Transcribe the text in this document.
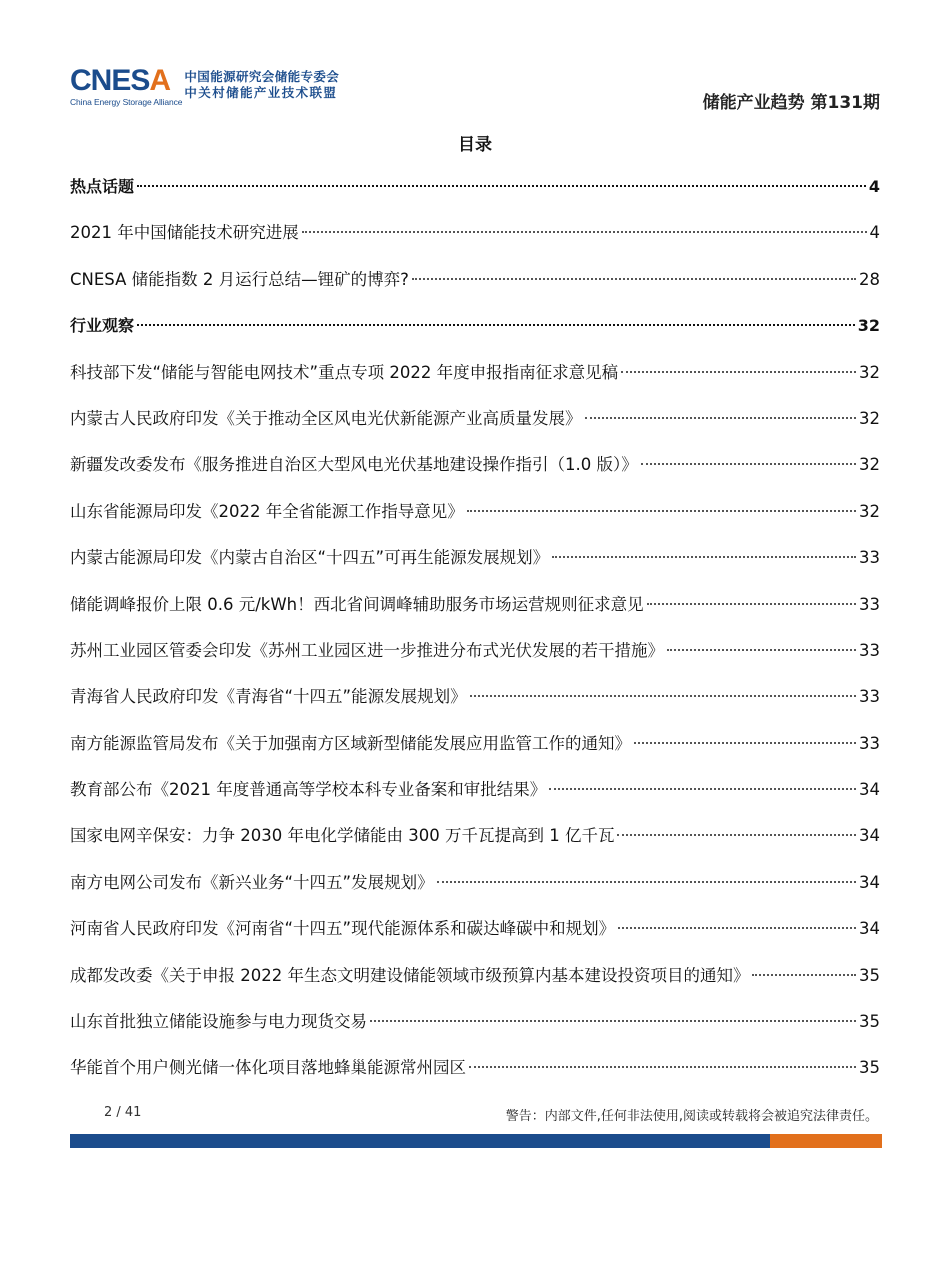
CNESA
China Energy Storage Alliance
中国能源研究会储能专委会
中关村储能产业技术联盟
储能产业趋势 第131期
目录
热点话题	4
2021 年中国储能技术研究进展	4
CNESA 储能指数 2 月运行总结—锂矿的博弈?	28
行业观察	32
科技部下发“储能与智能电网技术”重点专项 2022 年度申报指南征求意见稿	32
内蒙古人民政府印发《关于推动全区风电光伏新能源产业高质量发展》	32
新疆发改委发布《服务推进自治区大型风电光伏基地建设操作指引（1.0 版）》	32
山东省能源局印发《2022 年全省能源工作指导意见》	32
内蒙古能源局印发《内蒙古自治区“十四五”可再生能源发展规划》	33
储能调峰报价上限 0.6 元/kWh！西北省间调峰辅助服务市场运营规则征求意见	33
苏州工业园区管委会印发《苏州工业园区进一步推进分布式光伏发展的若干措施》	33
青海省人民政府印发《青海省“十四五”能源发展规划》	33
南方能源监管局发布《关于加强南方区域新型储能发展应用监管工作的通知》	33
教育部公布《2021 年度普通高等学校本科专业备案和审批结果》	34
国家电网辛保安：力争 2030 年电化学储能由 300 万千瓦提高到 1 亿千瓦	34
南方电网公司发布《新兴业务“十四五”发展规划》	34
河南省人民政府印发《河南省“十四五”现代能源体系和碳达峰碳中和规划》	34
成都发改委《关于申报 2022 年生态文明建设储能领域市级预算内基本建设投资项目的通知》	35
山东首批独立储能设施参与电力现货交易	35
华能首个用户侧光储一体化项目落地蜂巢能源常州园区	35
2 / 41	警告：内部文件,任何非法使用,阅读或转载将会被追究法律责任。
